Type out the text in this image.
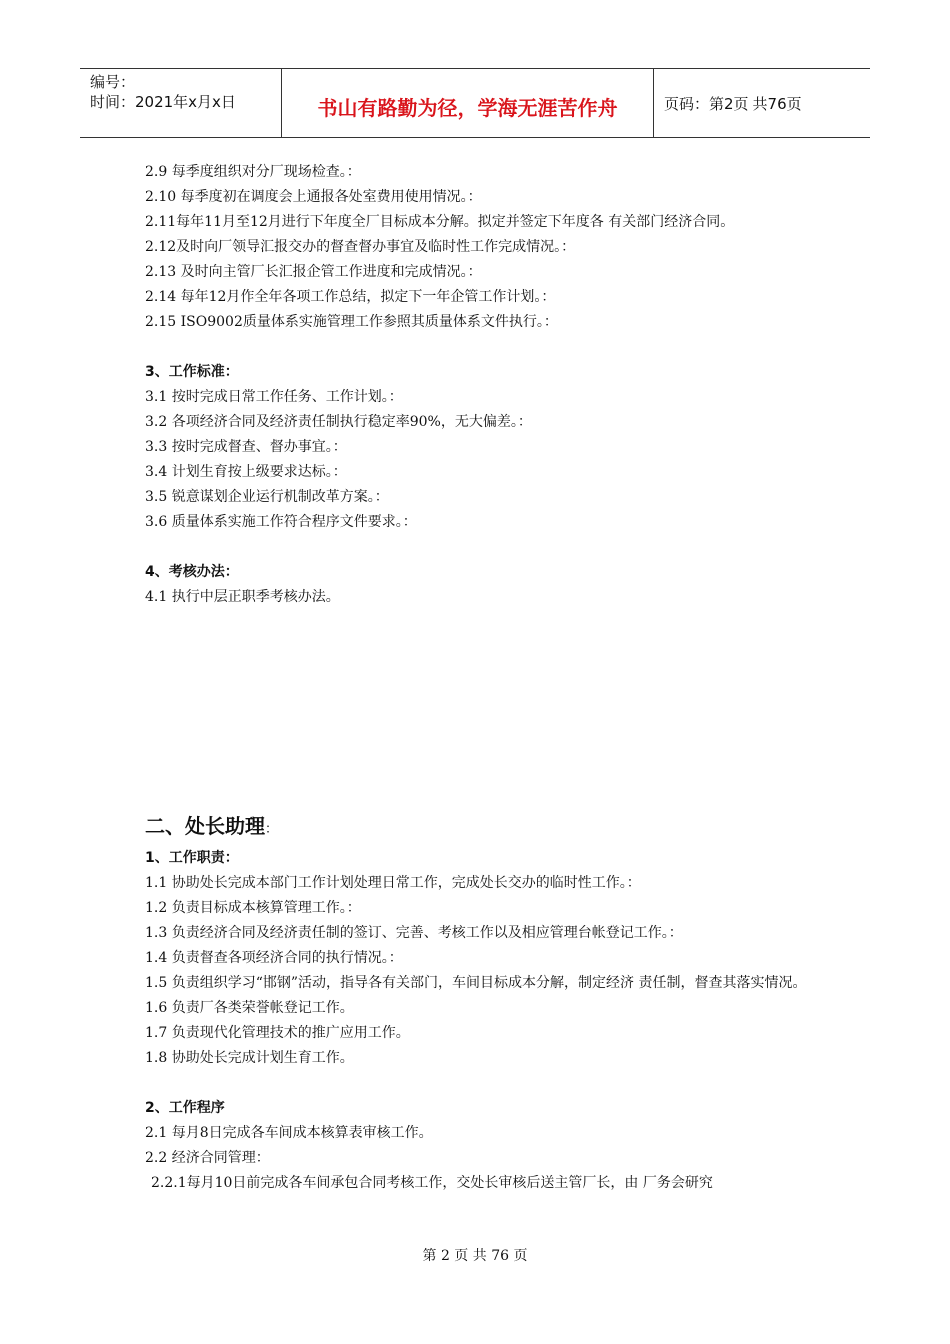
编号：
时间：2021年x月x日	书山有路勤为径，学海无涯苦作舟	页码：第2页 共76页
2.9 每季度组织对分厂现场检查。：
2.10 每季度初在调度会上通报各处室费用使用情况。：
2.11每年11月至12月进行下年度全厂目标成本分解。拟定并签定下年度各 有关部门经济合同。
2.12及时向厂领导汇报交办的督查督办事宜及临时性工作完成情况。：
2.13 及时向主管厂长汇报企管工作进度和完成情况。：
2.14 每年12月作全年各项工作总结，拟定下一年企管工作计划。：
2.15 ISO9002质量体系实施管理工作参照其质量体系文件执行。：
3、工作标准：
3.1 按时完成日常工作任务、工作计划。：
3.2 各项经济合同及经济责任制执行稳定率90%，无大偏差。：
3.3 按时完成督查、督办事宜。：
3.4 计划生育按上级要求达标。：
3.5 锐意谋划企业运行机制改革方案。：
3.6 质量体系实施工作符合程序文件要求。：
4、考核办法：
4.1 执行中层正职季考核办法。
二、处长助理：
1、工作职责：
1.1 协助处长完成本部门工作计划处理日常工作，完成处长交办的临时性工作。：
1.2 负责目标成本核算管理工作。：
1.3 负责经济合同及经济责任制的签订、完善、考核工作以及相应管理台帐登记工作。：
1.4 负责督查各项经济合同的执行情况。：
1.5 负责组织学习“邯钢”活动，指导各有关部门，车间目标成本分解，制定经济 责任制，督查其落实情况。
1.6 负责厂各类荣誉帐登记工作。
1.7 负责现代化管理技术的推广应用工作。
1.8 协助处长完成计划生育工作。
2、工作程序
2.1 每月8日完成各车间成本核算表审核工作。
2.2 经济合同管理：
2.2.1每月10日前完成各车间承包合同考核工作，交处长审核后送主管厂长，由 厂务会研究
第 2 页 共 76 页
